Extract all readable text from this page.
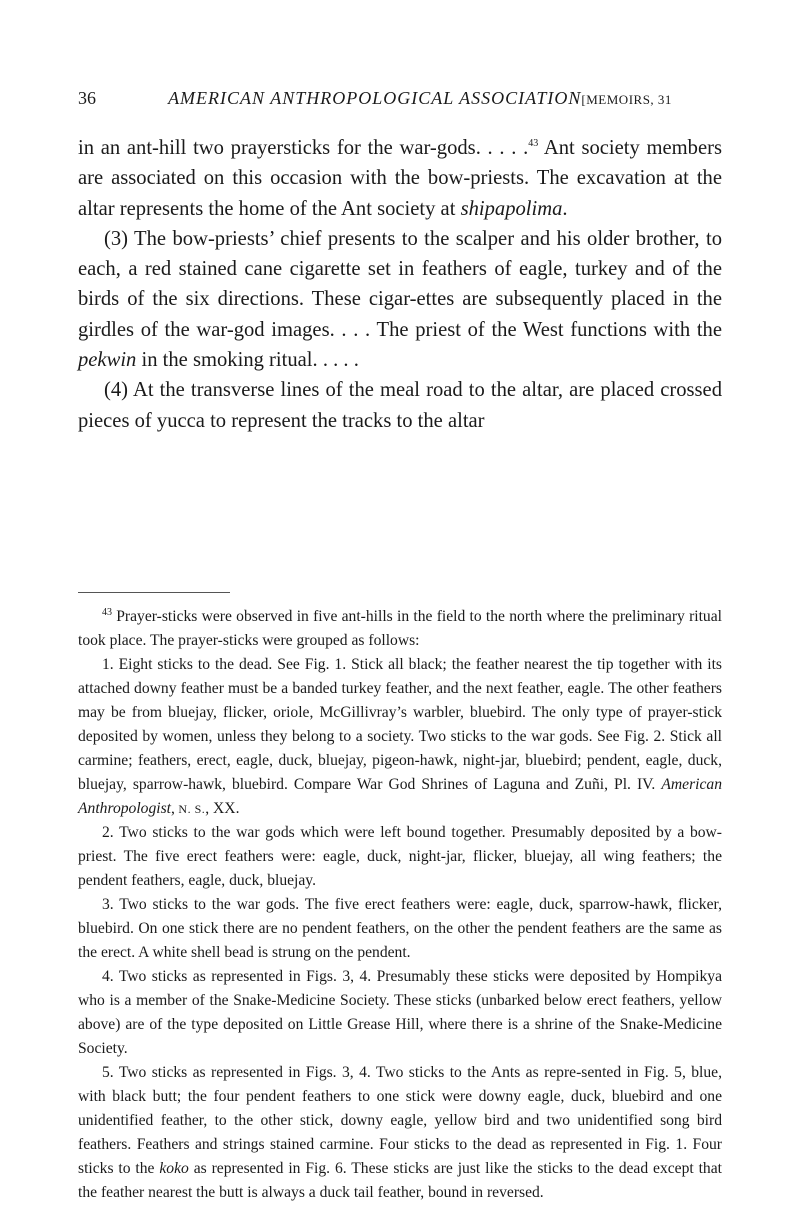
36	AMERICAN ANTHROPOLOGICAL ASSOCIATION[MEMOIRS, 31

in an ant-hill two prayersticks for the war-gods. . . . .$^{43}$ Ant society members are associated on this occasion with the bow-priests. The excavation at the altar represents the home of the Ant society at shipapolima.

(3) The bow-priests’ chief presents to the scalper and his older brother, to each, a red stained cane cigarette set in feathers of eagle, turkey and of the birds of the six directions. These cigar-ettes are subsequently placed in the girdles of the war-god images. . . . The priest of the West functions with the pekwin in the smoking ritual. . . . .

(4) At the transverse lines of the meal road to the altar, are placed crossed pieces of yucca to represent the tracks to the altar

$^{43}$ Prayer-sticks were observed in five ant-hills in the field to the north where the preliminary ritual took place. The prayer-sticks were grouped as follows:

1. Eight sticks to the dead. See Fig. 1. Stick all black; the feather nearest the tip together with its attached downy feather must be a banded turkey feather, and the next feather, eagle. The other feathers may be from bluejay, flicker, oriole, McGillivray’s warbler, bluebird. The only type of prayer-stick deposited by women, unless they belong to a society. Two sticks to the war gods. See Fig. 2. Stick all carmine; feathers, erect, eagle, duck, bluejay, pigeon-hawk, night-jar, bluebird; pendent, eagle, duck, bluejay, sparrow-hawk, bluebird. Compare War God Shrines of Laguna and Zuñi, Pl. IV. American Anthropologist, N. S., XX.

2. Two sticks to the war gods which were left bound together. Presumably deposited by a bow-priest. The five erect feathers were: eagle, duck, night-jar, flicker, bluejay, all wing feathers; the pendent feathers, eagle, duck, bluejay.

3. Two sticks to the war gods. The five erect feathers were: eagle, duck, sparrow-hawk, flicker, bluebird. On one stick there are no pendent feathers, on the other the pendent feathers are the same as the erect. A white shell bead is strung on the pendent.

4. Two sticks as represented in Figs. 3, 4. Presumably these sticks were deposited by Hompikya who is a member of the Snake-Medicine Society. These sticks (unbarked below erect feathers, yellow above) are of the type deposited on Little Grease Hill, where there is a shrine of the Snake-Medicine Society.

5. Two sticks as represented in Figs. 3, 4. Two sticks to the Ants as repre-sented in Fig. 5, blue, with black butt; the four pendent feathers to one stick were downy eagle, duck, bluebird and one unidentified feather, to the other stick, downy eagle, yellow bird and two unidentified song bird feathers. Feathers and strings stained carmine. Four sticks to the dead as represented in Fig. 1. Four sticks to the koko as represented in Fig. 6. These sticks are just like the sticks to the dead except that the feather nearest the butt is always a duck tail feather, bound in reversed.
